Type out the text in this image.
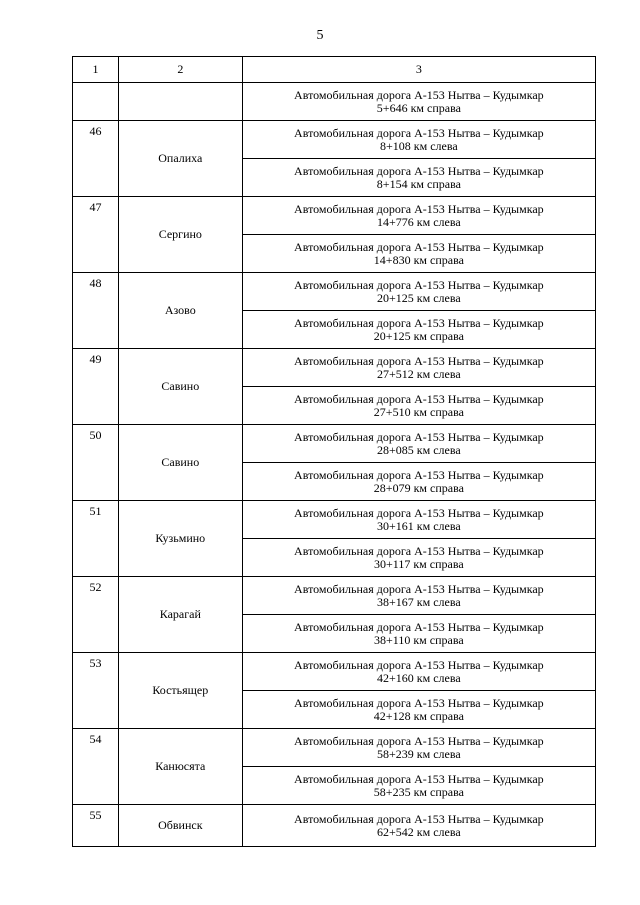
5
1	2	3

		Автомобильная дорога А-153 Нытва – Кудымкар
5+646 км справа

46	Опалиха	Автомобильная дорога А-153 Нытва – Кудымкар
8+108 км слева

		Автомобильная дорога А-153 Нытва – Кудымкар
8+154 км справа

47	Сергино	Автомобильная дорога А-153 Нытва – Кудымкар
14+776 км слева

		Автомобильная дорога А-153 Нытва – Кудымкар
14+830 км справа

48	Азово	Автомобильная дорога А-153 Нытва – Кудымкар
20+125 км слева

		Автомобильная дорога А-153 Нытва – Кудымкар
20+125 км справа

49	Савино	Автомобильная дорога А-153 Нытва – Кудымкар
27+512 км слева

		Автомобильная дорога А-153 Нытва – Кудымкар
27+510 км справа

50	Савино	Автомобильная дорога А-153 Нытва – Кудымкар
28+085 км слева

		Автомобильная дорога А-153 Нытва – Кудымкар
28+079 км справа

51	Кузьмино	Автомобильная дорога А-153 Нытва – Кудымкар
30+161 км слева

		Автомобильная дорога А-153 Нытва – Кудымкар
30+117 км справа

52	Карагай	Автомобильная дорога А-153 Нытва – Кудымкар
38+167 км слева

		Автомобильная дорога А-153 Нытва – Кудымкар
38+110 км справа

53	Костьящер	Автомобильная дорога А-153 Нытва – Кудымкар
42+160 км слева

		Автомобильная дорога А-153 Нытва – Кудымкар
42+128 км справа

54	Канюсята	Автомобильная дорога А-153 Нытва – Кудымкар
58+239 км слева

		Автомобильная дорога А-153 Нытва – Кудымкар
58+235 км справа

55	Обвинск	Автомобильная дорога А-153 Нытва – Кудымкар
62+542 км слева
